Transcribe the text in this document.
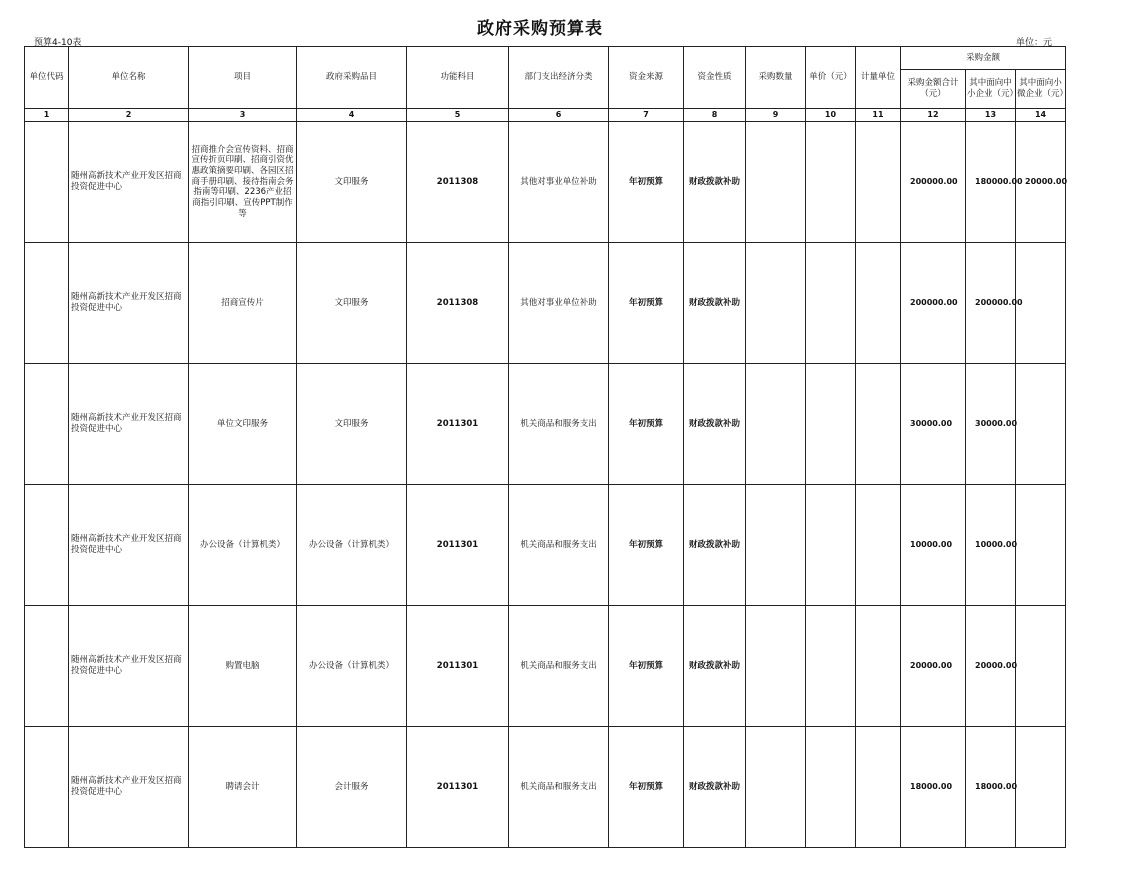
政府采购预算表
预算4-10表	单位：元
单位代码	单位名称	项目	政府采购品目	功能科目	部门支出经济分类	资金来源	资金性质	采购数量	单价（元）	计量单位	采购金额		
											采购金额合计（元）	其中面向中小企业（元）	其中面向小微企业（元）
1	2	3	4	5	6	7	8	9	10	11	12	13	14
	随州高新技术产业开发区招商投资促进中心	招商推介会宣传资料、招商宣传折页印刷、招商引资优惠政策摘要印刷、各园区招商手册印刷、接待指南会务指南等印刷、2236产业招商指引印刷、宣传PPT制作等	文印服务	2011308	其他对事业单位补助	年初预算	财政拨款补助				200000.00	180000.00	20000.00
	随州高新技术产业开发区招商投资促进中心	招商宣传片	文印服务	2011308	其他对事业单位补助	年初预算	财政拨款补助				200000.00	200000.00	
	随州高新技术产业开发区招商投资促进中心	单位文印服务	文印服务	2011301	机关商品和服务支出	年初预算	财政拨款补助				30000.00	30000.00	
	随州高新技术产业开发区招商投资促进中心	办公设备（计算机类）	办公设备（计算机类）	2011301	机关商品和服务支出	年初预算	财政拨款补助				10000.00	10000.00	
	随州高新技术产业开发区招商投资促进中心	购置电脑	办公设备（计算机类）	2011301	机关商品和服务支出	年初预算	财政拨款补助				20000.00	20000.00	
	随州高新技术产业开发区招商投资促进中心	聘请会计	会计服务	2011301	机关商品和服务支出	年初预算	财政拨款补助				18000.00	18000.00	
